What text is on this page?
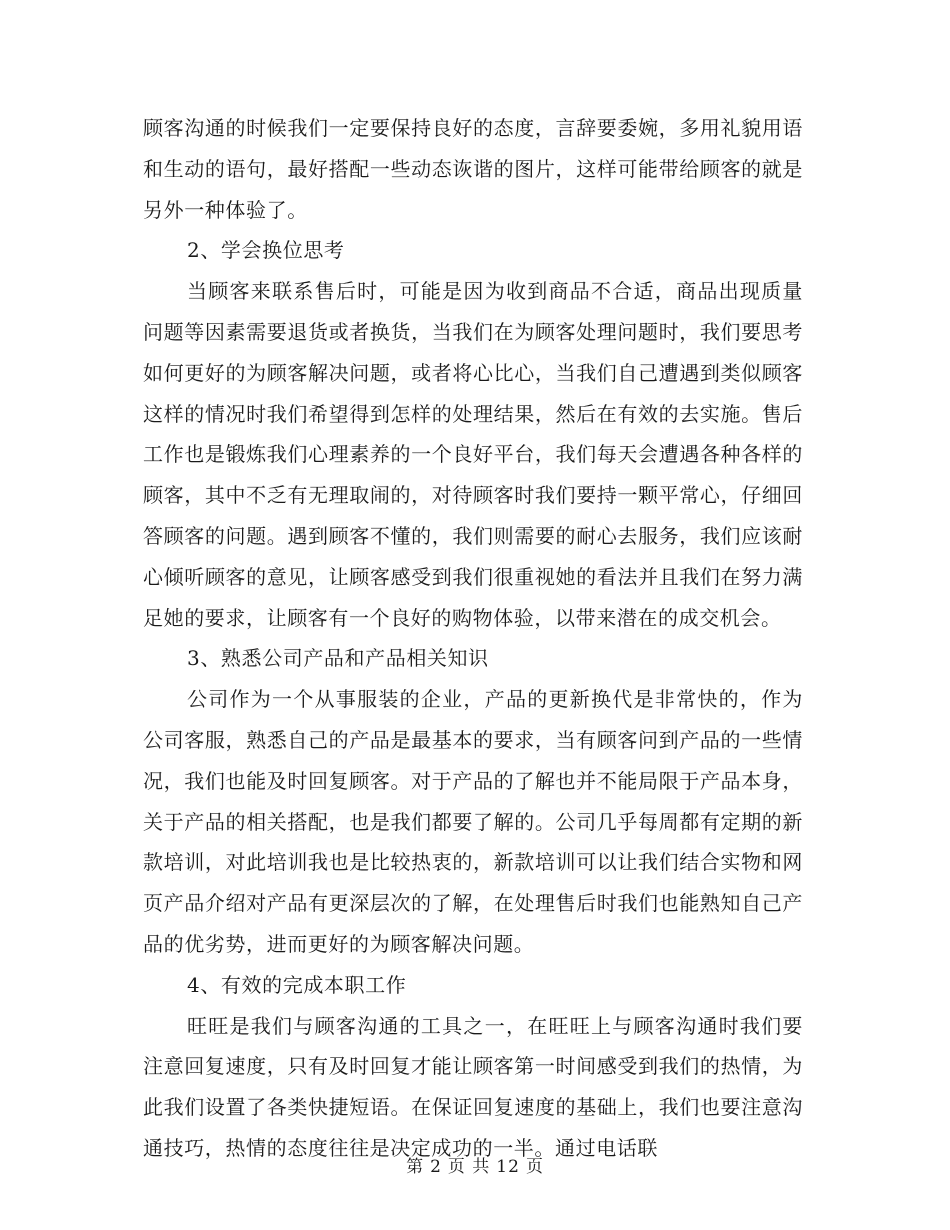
顾客沟通的时候我们一定要保持良好的态度，言辞要委婉，多用礼貌用语和生动的语句，最好搭配一些动态诙谐的图片，这样可能带给顾客的就是另外一种体验了。

2、学会换位思考

当顾客来联系售后时，可能是因为收到商品不合适，商品出现质量问题等因素需要退货或者换货，当我们在为顾客处理问题时，我们要思考如何更好的为顾客解决问题，或者将心比心，当我们自己遭遇到类似顾客这样的情况时我们希望得到怎样的处理结果，然后在有效的去实施。售后工作也是锻炼我们心理素养的一个良好平台，我们每天会遭遇各种各样的顾客，其中不乏有无理取闹的，对待顾客时我们要持一颗平常心，仔细回答顾客的问题。遇到顾客不懂的，我们则需要的耐心去服务，我们应该耐心倾听顾客的意见，让顾客感受到我们很重视她的看法并且我们在努力满足她的要求，让顾客有一个良好的购物体验，以带来潜在的成交机会。

3、熟悉公司产品和产品相关知识

公司作为一个从事服装的企业，产品的更新换代是非常快的，作为公司客服，熟悉自己的产品是最基本的要求，当有顾客问到产品的一些情况，我们也能及时回复顾客。对于产品的了解也并不能局限于产品本身，关于产品的相关搭配，也是我们都要了解的。公司几乎每周都有定期的新款培训，对此培训我也是比较热衷的，新款培训可以让我们结合实物和网页产品介绍对产品有更深层次的了解，在处理售后时我们也能熟知自己产品的优劣势，进而更好的为顾客解决问题。

4、有效的完成本职工作

旺旺是我们与顾客沟通的工具之一，在旺旺上与顾客沟通时我们要注意回复速度，只有及时回复才能让顾客第一时间感受到我们的热情，为此我们设置了各类快捷短语。在保证回复速度的基础上，我们也要注意沟通技巧，热情的态度往往是决定成功的一半。通过电话联

第 2 页 共 12 页
